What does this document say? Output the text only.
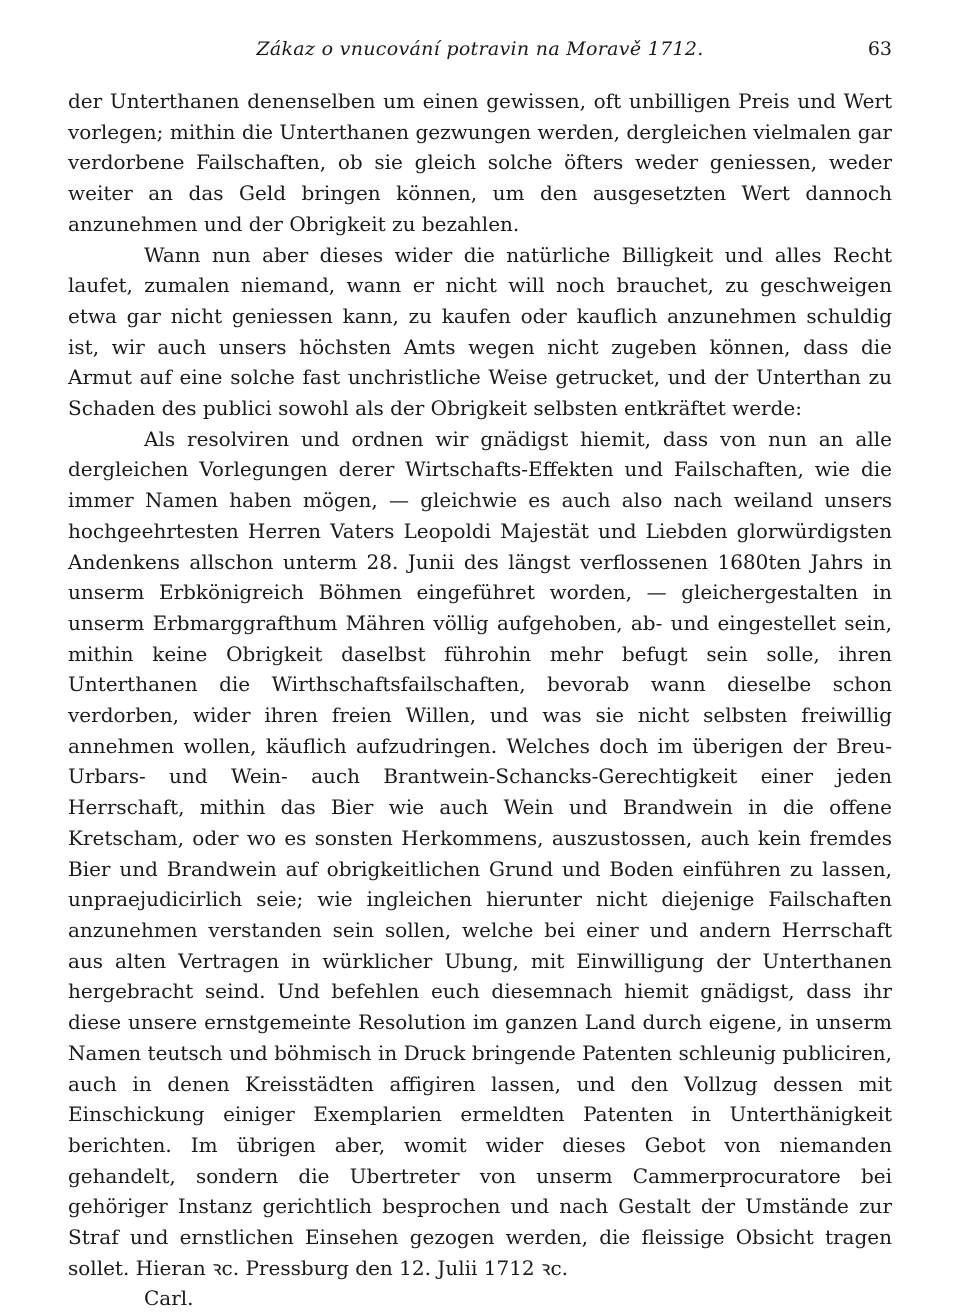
Zákaz o vnucování potravin na Moravě 1712.	63

der Unterthanen denenselben um einen gewissen, oft unbilligen Preis und Wert vorlegen; mithin die Unterthanen gezwungen werden, dergleichen vielmalen gar verdorbene Failschaften, ob sie gleich solche öfters weder geniessen, weder weiter an das Geld bringen können, um den ausgesetzten Wert dannoch anzunehmen und der Obrigkeit zu bezahlen.

Wann nun aber dieses wider die natürliche Billigkeit und alles Recht laufet, zumalen niemand, wann er nicht will noch brauchet, zu geschweigen etwa gar nicht geniessen kann, zu kaufen oder kauflich anzunehmen schuldig ist, wir auch unsers höchsten Amts wegen nicht zugeben können, dass die Armut auf eine solche fast unchristliche Weise getrucket, und der Unterthan zu Schaden des publici sowohl als der Obrigkeit selbsten entkräftet werde:

Als resolviren und ordnen wir gnädigst hiemit, dass von nun an alle dergleichen Vorlegungen derer Wirtschafts-Effekten und Failschaften, wie die immer Namen haben mögen, — gleichwie es auch also nach weiland unsers hochgeehrtesten Herren Vaters Leopoldi Majestät und Liebden glorwürdigsten Andenkens allschon unterm 28. Junii des längst verflossenen 1680ten Jahrs in unserm Erbkönigreich Böhmen eingeführet worden, — gleichergestalten in unserm Erbmarggrafthum Mähren völlig aufgehoben, ab- und eingestellet sein, mithin keine Obrigkeit daselbst führohin mehr befugt sein solle, ihren Unterthanen die Wirthschaftsfailschaften, bevorab wann dieselbe schon verdorben, wider ihren freien Willen, und was sie nicht selbsten freiwillig annehmen wollen, käuflich aufzudringen. Welches doch im überigen der Breu-Urbars- und Wein- auch Brantwein-Schancks-Gerechtigkeit einer jeden Herrschaft, mithin das Bier wie auch Wein und Brandwein in die offene Kretscham, oder wo es sonsten Herkommens, auszustossen, auch kein fremdes Bier und Brandwein auf obrigkeitlichen Grund und Boden einführen zu lassen, unpraejudicirlich seie; wie ingleichen hierunter nicht diejenige Failschaften anzunehmen verstanden sein sollen, welche bei einer und andern Herrschaft aus alten Vertragen in würklicher Ubung, mit Einwilligung der Unterthanen hergebracht seind. Und befehlen euch diesemnach hiemit gnädigst, dass ihr diese unsere ernstgemeinte Resolution im ganzen Land durch eigene, in unserm Namen teutsch und böhmisch in Druck bringende Patenten schleunig publiciren, auch in denen Kreisstädten affigiren lassen, und den Vollzug dessen mit Einschickung einiger Exemplarien ermeldten Patenten in Unterthänigkeit berichten. Im übrigen aber, womit wider dieses Gebot von niemanden gehandelt, sondern die Ubertreter von unserm Cammerprocuratore bei gehöriger Instanz gerichtlich besprochen und nach Gestalt der Umstände zur Straf und ernstlichen Einsehen gezogen werden, die fleissige Obsicht tragen sollet. Hieran ꝛc. Pressburg den 12. Julii 1712 ꝛc.

Carl.
